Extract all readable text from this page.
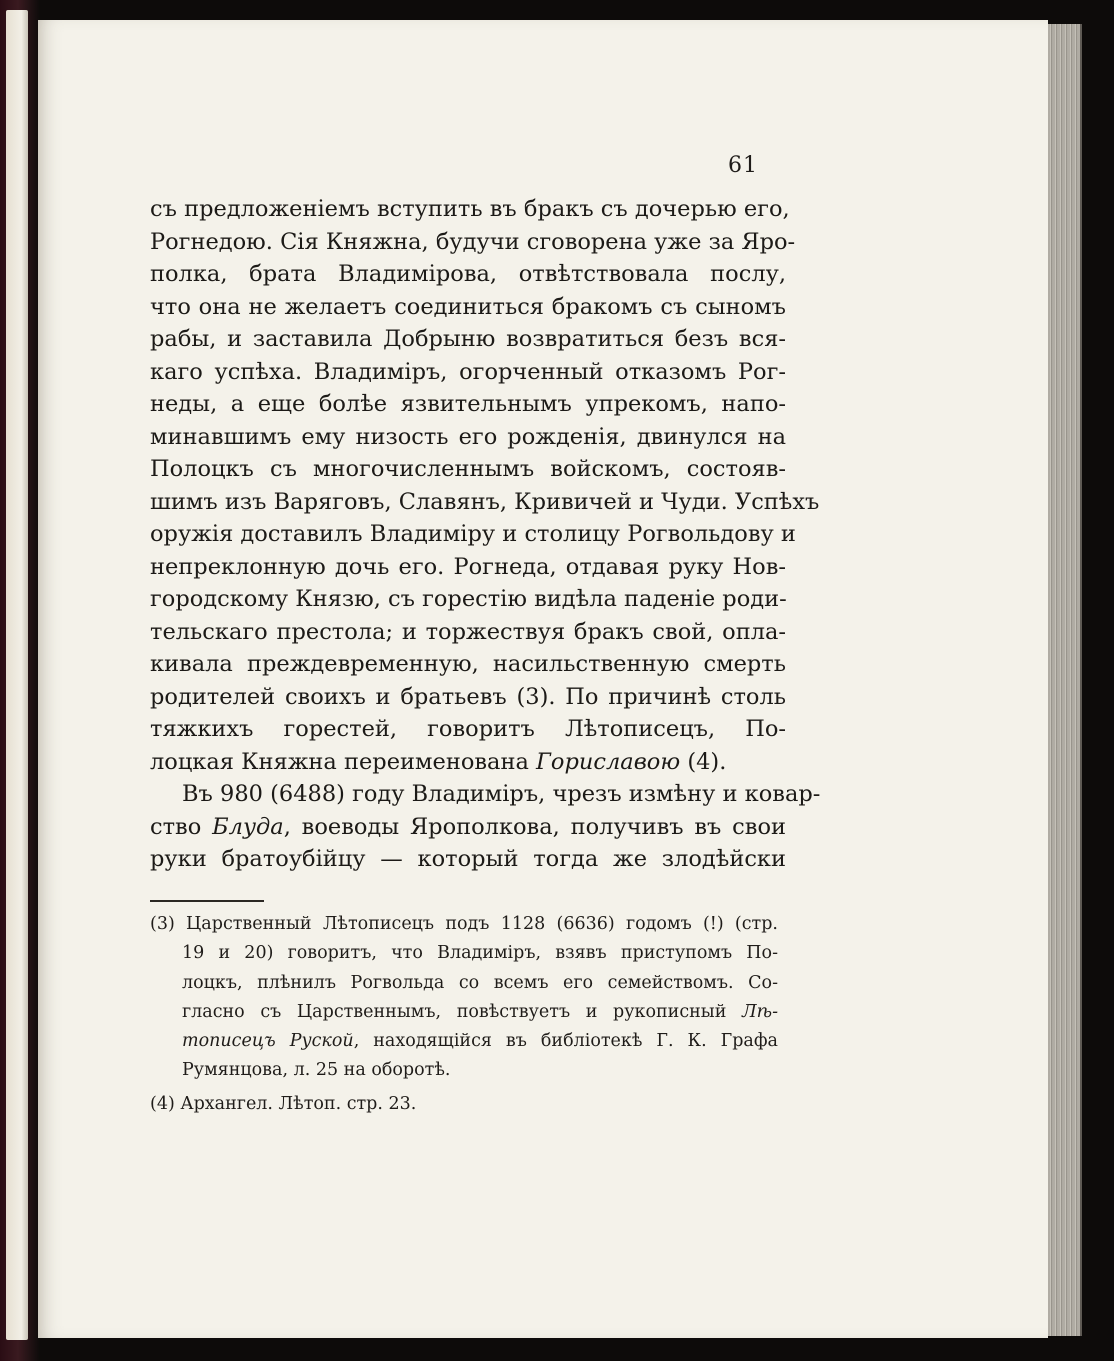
61
съ предложеніемъ вступить въ бракъ съ дочерью его,
Рогнедою. Сія Княжна, будучи сговорена уже за Яро-
полка, брата Владимірова, отвѣтствовала послу,
что она не желаетъ соединиться бракомъ съ сыномъ
рабы, и заставила Добрыню возвратиться безъ вся-
каго успѣха. Владиміръ, огорченный отказомъ Рог-
неды, а еще болѣе язвительнымъ упрекомъ, напо-
минавшимъ ему низость его рожденія, двинулся на
Полоцкъ съ многочисленнымъ войскомъ, состояв-
шимъ изъ Варяговъ, Славянъ, Кривичей и Чуди. Успѣхъ
оружія доставилъ Владиміру и столицу Рогвольдову и
непреклонную дочь его. Рогнеда, отдавая руку Нов-
городскому Князю, съ горестію видѣла паденіе роди-
тельскаго престола; и торжествуя бракъ свой, опла-
кивала преждевременную, насильственную смерть
родителей своихъ и братьевъ (3). По причинѣ столь
тяжкихъ горестей, говоритъ Лѣтописецъ, По-
лоцкая Княжна переименована Гориславою (4).
Въ 980 (6488) году Владиміръ, чрезъ измѣну и ковар-
ство Блуда, воеводы Ярополкова, получивъ въ свои
руки братоубійцу — который тогда же злодѣйски
(3) Царственный Лѣтописецъ подъ 1128 (6636) годомъ (!) (стр.
19 и 20) говоритъ, что Владиміръ, взявъ приступомъ По-
лоцкъ, плѣнилъ Рогвольда со всемъ его семействомъ. Со-
гласно съ Царственнымъ, повѣствуетъ и рукописный Лѣ-
тописецъ Руской, находящійся въ библіотекѣ Г. К. Графа
Румянцова, л. 25 на оборотѣ.
(4) Архангел. Лѣтоп. стр. 23.
